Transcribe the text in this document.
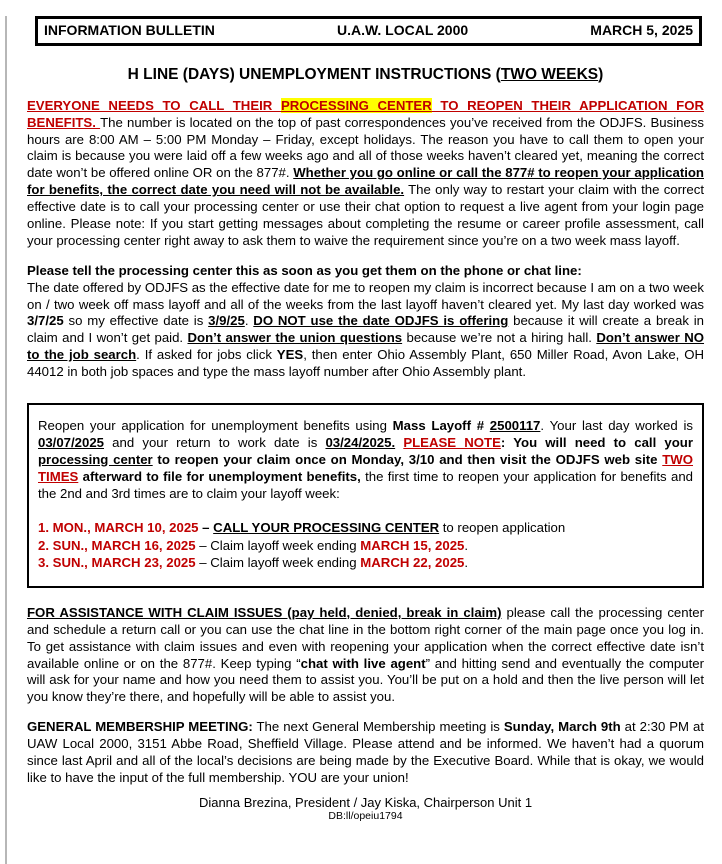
INFORMATION BULLETIN	U.A.W. LOCAL 2000	MARCH 5, 2025
H LINE (DAYS) UNEMPLOYMENT INSTRUCTIONS (TWO WEEKS)
EVERYONE NEEDS TO CALL THEIR PROCESSING CENTER TO REOPEN THEIR APPLICATION FOR BENEFITS. The number is located on the top of past correspondences you’ve received from the ODJFS. Business hours are 8:00 AM – 5:00 PM Monday – Friday, except holidays. The reason you have to call them to open your claim is because you were laid off a few weeks ago and all of those weeks haven’t cleared yet, meaning the correct date won’t be offered online OR on the 877#. Whether you go online or call the 877# to reopen your application for benefits, the correct date you need will not be available. The only way to restart your claim with the correct effective date is to call your processing center or use their chat option to request a live agent from your login page online. Please note: If you start getting messages about completing the resume or career profile assessment, call your processing center right away to ask them to waive the requirement since you’re on a two week mass layoff.
Please tell the processing center this as soon as you get them on the phone or chat line:
The date offered by ODJFS as the effective date for me to reopen my claim is incorrect because I am on a two week on / two week off mass layoff and all of the weeks from the last layoff haven’t cleared yet. My last day worked was 3/7/25 so my effective date is 3/9/25. DO NOT use the date ODJFS is offering because it will create a break in claim and I won’t get paid. Don’t answer the union questions because we’re not a hiring hall. Don’t answer NO to the job search. If asked for jobs click YES, then enter Ohio Assembly Plant, 650 Miller Road, Avon Lake, OH 44012 in both job spaces and type the mass layoff number after Ohio Assembly plant.
Reopen your application for unemployment benefits using Mass Layoff # 2500117. Your last day worked is 03/07/2025 and your return to work date is 03/24/2025. PLEASE NOTE: You will need to call your processing center to reopen your claim once on Monday, 3/10 and then visit the ODJFS web site TWO TIMES afterward to file for unemployment benefits, the first time to reopen your application for benefits and the 2nd and 3rd times are to claim your layoff week:
1. MON., MARCH 10, 2025 – CALL YOUR PROCESSING CENTER to reopen application
2. SUN., MARCH 16, 2025 – Claim layoff week ending MARCH 15, 2025.
3. SUN., MARCH 23, 2025 – Claim layoff week ending MARCH 22, 2025.
FOR ASSISTANCE WITH CLAIM ISSUES (pay held, denied, break in claim) please call the processing center and schedule a return call or you can use the chat line in the bottom right corner of the main page once you log in. To get assistance with claim issues and even with reopening your application when the correct effective date isn’t available online or on the 877#. Keep typing “chat with live agent” and hitting send and eventually the computer will ask for your name and how you need them to assist you. You’ll be put on a hold and then the live person will let you know they’re there, and hopefully will be able to assist you.
GENERAL MEMBERSHIP MEETING: The next General Membership meeting is Sunday, March 9th at 2:30 PM at UAW Local 2000, 3151 Abbe Road, Sheffield Village. Please attend and be informed. We haven’t had a quorum since last April and all of the local’s decisions are being made by the Executive Board. While that is okay, we would like to have the input of the full membership. YOU are your union!
Dianna Brezina, President / Jay Kiska, Chairperson Unit 1
DB:ll/opeiu1794
